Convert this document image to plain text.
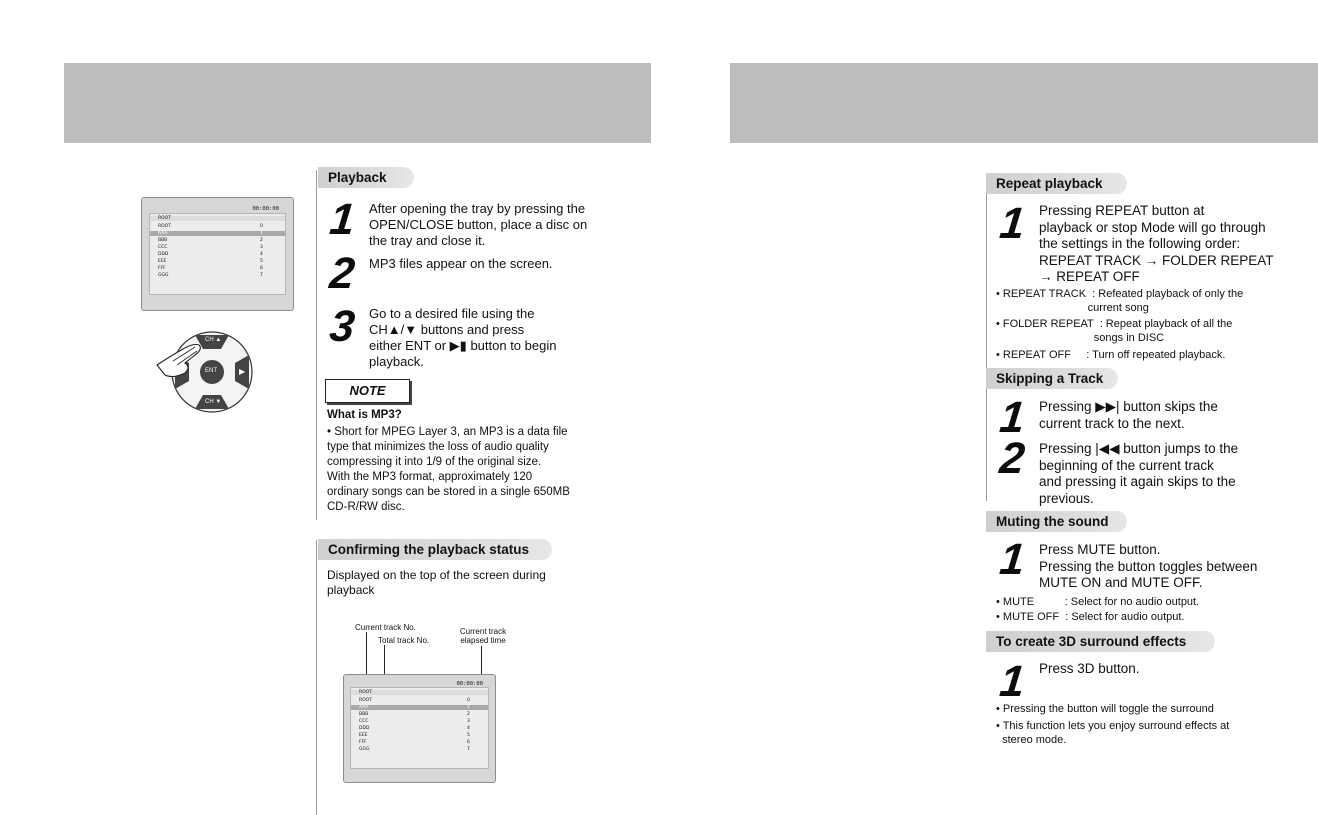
00:00:00
ROOT
ROOT	0
AAA	1
BBB	2
CCC	3
DDD	4
EEE	5
FFF	6
GGG	7
CH ▲
ENT
CH ▼
▶
Playback
1 After opening the tray by pressing the
OPEN/CLOSE button, place a disc on
the tray and close it.
2 MP3 files appear on the screen.
3 Go to a desired file using the
CH▲/▼ buttons and press
either ENT or ▶▮ button to begin
playback.
NOTE
What is MP3?
• Short for MPEG Layer 3, an MP3 is a data file
type that minimizes the loss of audio quality
compressing it into 1/9 of the original size.
With the MP3 format, approximately 120
ordinary songs can be stored in a single 650MB
CD-R/RW disc.
Confirming the playback status
Displayed on the top of the screen during
playback
Current track No.
Total track No.
Current track
elapsed time
00:00:00
ROOT
ROOT	0
AAA	1
BBB	2
CCC	3
DDD	4
EEE	5
FFF	6
GGG	7
Repeat playback
1 Pressing REPEAT button at
playback or stop Mode will go through
the settings in the following order:
REPEAT TRACK → FOLDER REPEAT
→ REPEAT OFF
• REPEAT TRACK  : Refeated playback of only the
current song
• FOLDER REPEAT  : Repeat playback of all the
songs in DISC
• REPEAT OFF     : Turn off repeated playback.
Skipping a Track
1 Pressing ▶▶| button skips the
current track to the next.
2 Pressing |◀◀ button jumps to the
beginning of the current track
and pressing it again skips to the
previous.
Muting the sound
1 Press MUTE button.
Pressing the button toggles between
MUTE ON and MUTE OFF.
• MUTE          : Select for no audio output.
• MUTE OFF  : Select for audio output.
To create 3D surround effects
1 Press 3D button.
• Pressing the button will toggle the surround
• This function lets you enjoy surround effects at
stereo mode.
